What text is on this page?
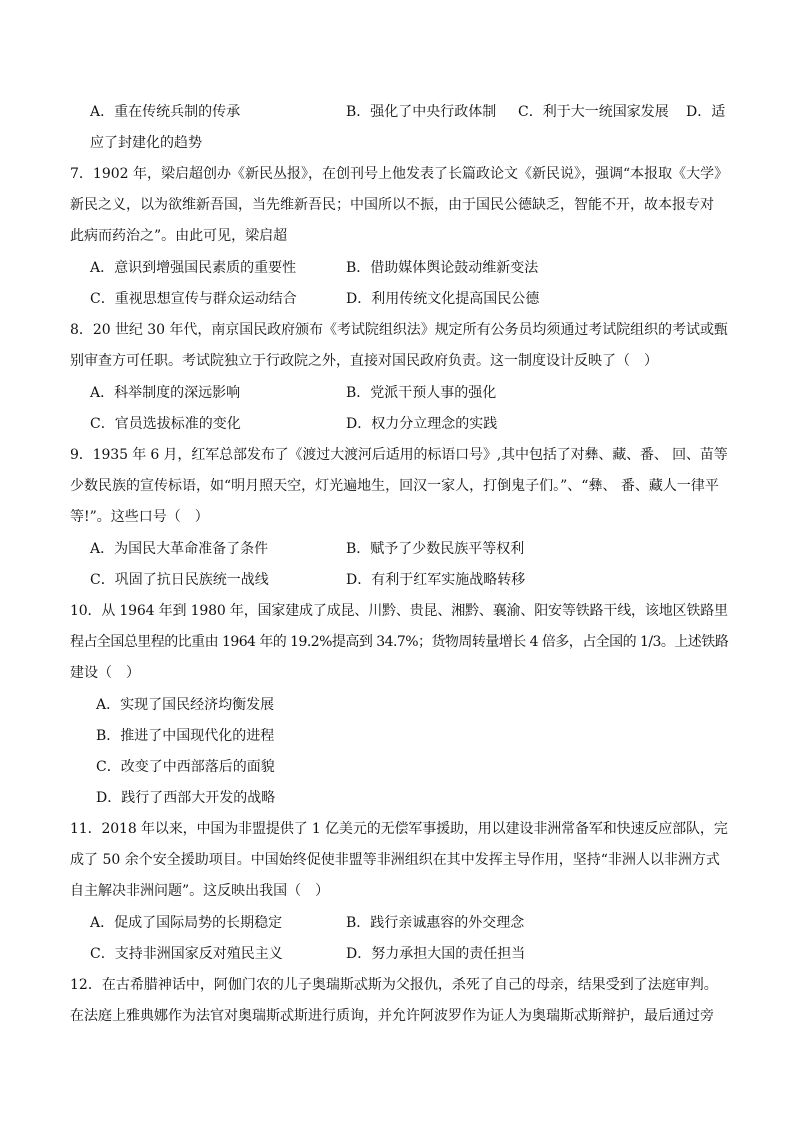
A．重在传统兵制的传承	B．强化了中央行政体制 C．利于大一统国家发展 D．适
应了封建化的趋势
7．1902 年，梁启超创办《新民丛报》，在创刊号上他发表了长篇政论文《新民说》，强调“本报取《大学》
新民之义，以为欲维新吾国，当先维新吾民；中国所以不振，由于国民公德缺乏，智能不开，故本报专对
此病而药治之”。由此可见，梁启超
A．意识到增强国民素质的重要性	B．借助媒体舆论鼓动维新变法
C．重视思想宣传与群众运动结合	D．利用传统文化提高国民公德
8．20 世纪 30 年代，南京国民政府颁布《考试院组织法》规定所有公务员均须通过考试院组织的考试或甄
别审查方可任职。考试院独立于行政院之外，直接对国民政府负责。这一制度设计反映了（　）
A．科举制度的深远影响	B．党派干预人事的强化
C．官员选拔标准的变化	D．权力分立理念的实践
9．1935 年 6 月，红军总部发布了《渡过大渡河后适用的标语口号》,其中包括了对彝、藏、番、 回、苗等
少数民族的宣传标语，如“明月照天空，灯光遍地生，回汉一家人，打倒鬼子们。”、“彝、 番、藏人一律平
等!”。这些口号（　）
A．为国民大革命准备了条件	B．赋予了少数民族平等权利
C．巩固了抗日民族统一战线	D．有利于红军实施战略转移
10．从 1964 年到 1980 年，国家建成了成昆、川黔、贵昆、湘黔、襄渝、阳安等铁路干线，该地区铁路里
程占全国总里程的比重由 1964 年的 19.2%提高到 34.7%；货物周转量增长 4 倍多，占全国的 1/3。上述铁路
建设（　）
A．实现了国民经济均衡发展
B．推进了中国现代化的进程
C．改变了中西部落后的面貌
D．践行了西部大开发的战略
11．2018 年以来，中国为非盟提供了 1 亿美元的无偿军事援助，用以建设非洲常备军和快速反应部队，完
成了 50 余个安全援助项目。中国始终促使非盟等非洲组织在其中发挥主导作用，坚持“非洲人以非洲方式
自主解决非洲问题”。这反映出我国（　）
A．促成了国际局势的长期稳定	B．践行亲诚惠容的外交理念
C．支持非洲国家反对殖民主义	D．努力承担大国的责任担当
12．在古希腊神话中，阿伽门农的儿子奥瑞斯忒斯为父报仇，杀死了自己的母亲，结果受到了法庭审判。
在法庭上雅典娜作为法官对奥瑞斯忒斯进行质询，并允许阿波罗作为证人为奥瑞斯忒斯辩护，最后通过旁
